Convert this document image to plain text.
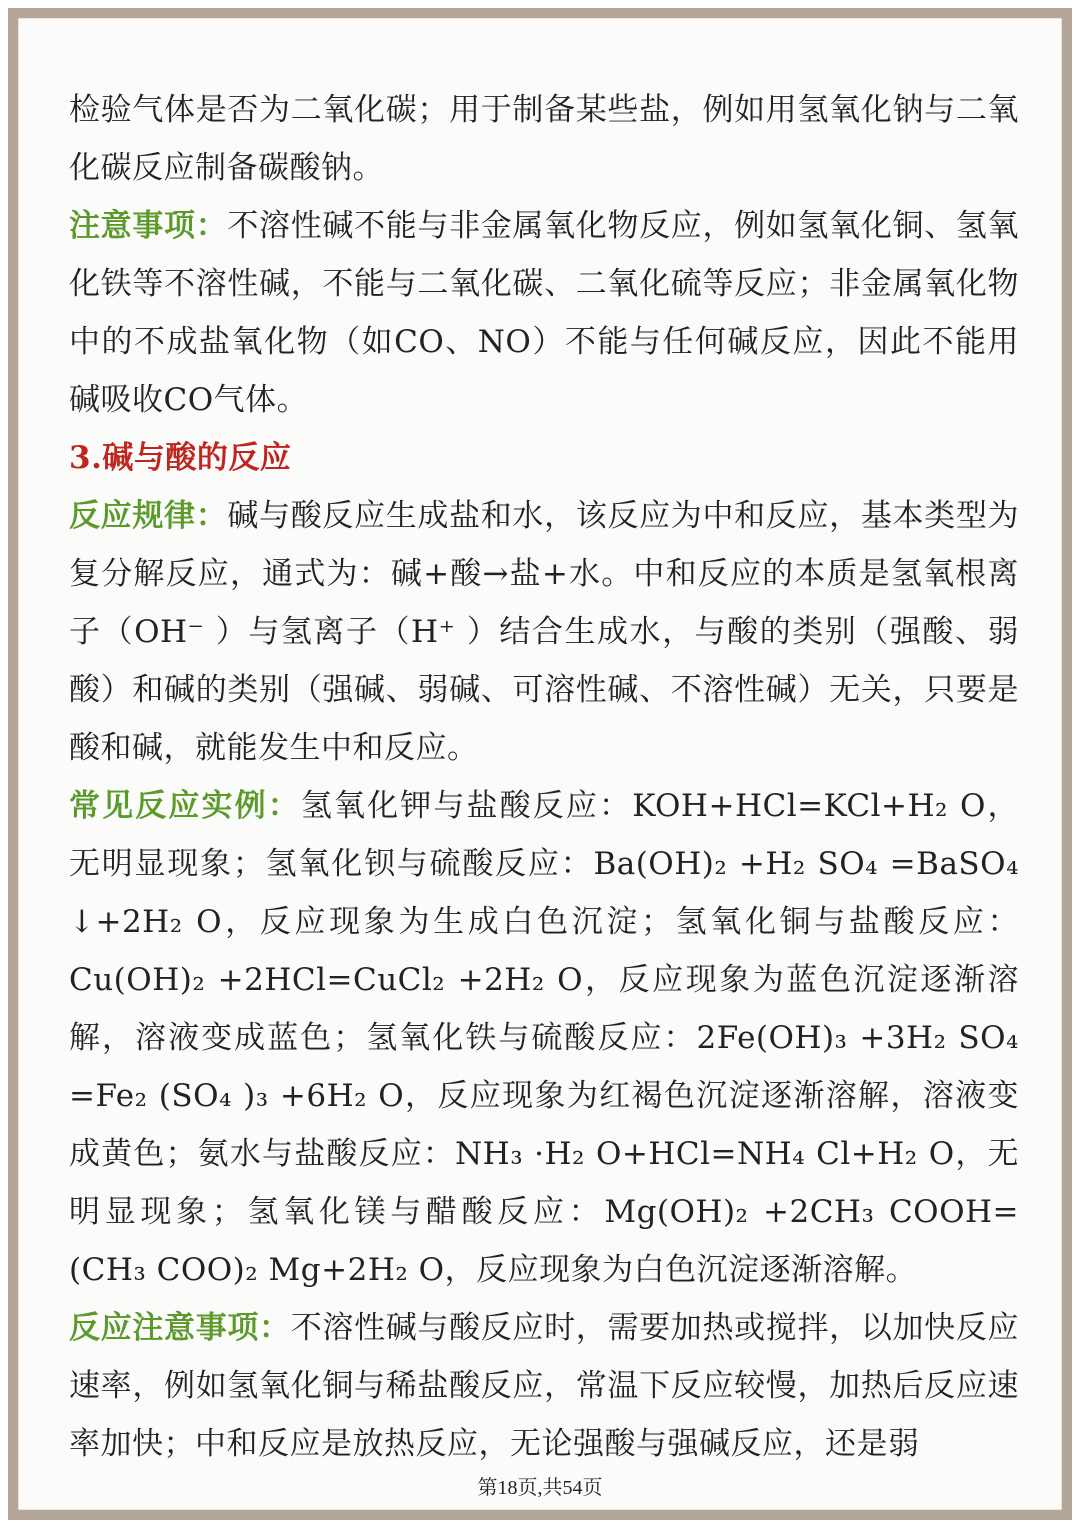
检验气体是否为二氧化碳；用于制备某些盐，例如用氢氧化钠与二氧化碳反应制备碳酸钠。

注意事项：不溶性碱不能与非金属氧化物反应，例如氢氧化铜、氢氧化铁等不溶性碱，不能与二氧化碳、二氧化硫等反应；非金属氧化物中的不成盐氧化物（如CO、NO）不能与任何碱反应，因此不能用碱吸收CO气体。

3.碱与酸的反应

反应规律：碱与酸反应生成盐和水，该反应为中和反应，基本类型为复分解反应，通式为：碱+酸→盐+水。中和反应的本质是氢氧根离子（OH⁻ ）与氢离子（H⁺ ）结合生成水，与酸的类别（强酸、弱酸）和碱的类别（强碱、弱碱、可溶性碱、不溶性碱）无关，只要是酸和碱，就能发生中和反应。

常见反应实例：氢氧化钾与盐酸反应：KOH+HCl=KCl+H₂ O，无明显现象；氢氧化钡与硫酸反应：Ba(OH)₂ +H₂ SO₄ =BaSO₄ ↓+2H₂ O，反应现象为生成白色沉淀；氢氧化铜与盐酸反应：Cu(OH)₂ +2HCl=CuCl₂ +2H₂ O，反应现象为蓝色沉淀逐渐溶解，溶液变成蓝色；氢氧化铁与硫酸反应：2Fe(OH)₃ +3H₂ SO₄ =Fe₂ (SO₄ )₃ +6H₂ O，反应现象为红褐色沉淀逐渐溶解，溶液变成黄色；氨水与盐酸反应：NH₃ ·H₂ O+HCl=NH₄ Cl+H₂ O，无明显现象；氢氧化镁与醋酸反应：Mg(OH)₂ +2CH₃ COOH=(CH₃ COO)₂ Mg+2H₂ O，反应现象为白色沉淀逐渐溶解。

反应注意事项：不溶性碱与酸反应时，需要加热或搅拌，以加快反应速率，例如氢氧化铜与稀盐酸反应，常温下反应较慢，加热后反应速率加快；中和反应是放热反应，无论强酸与强碱反应，还是弱

第18页,共54页
